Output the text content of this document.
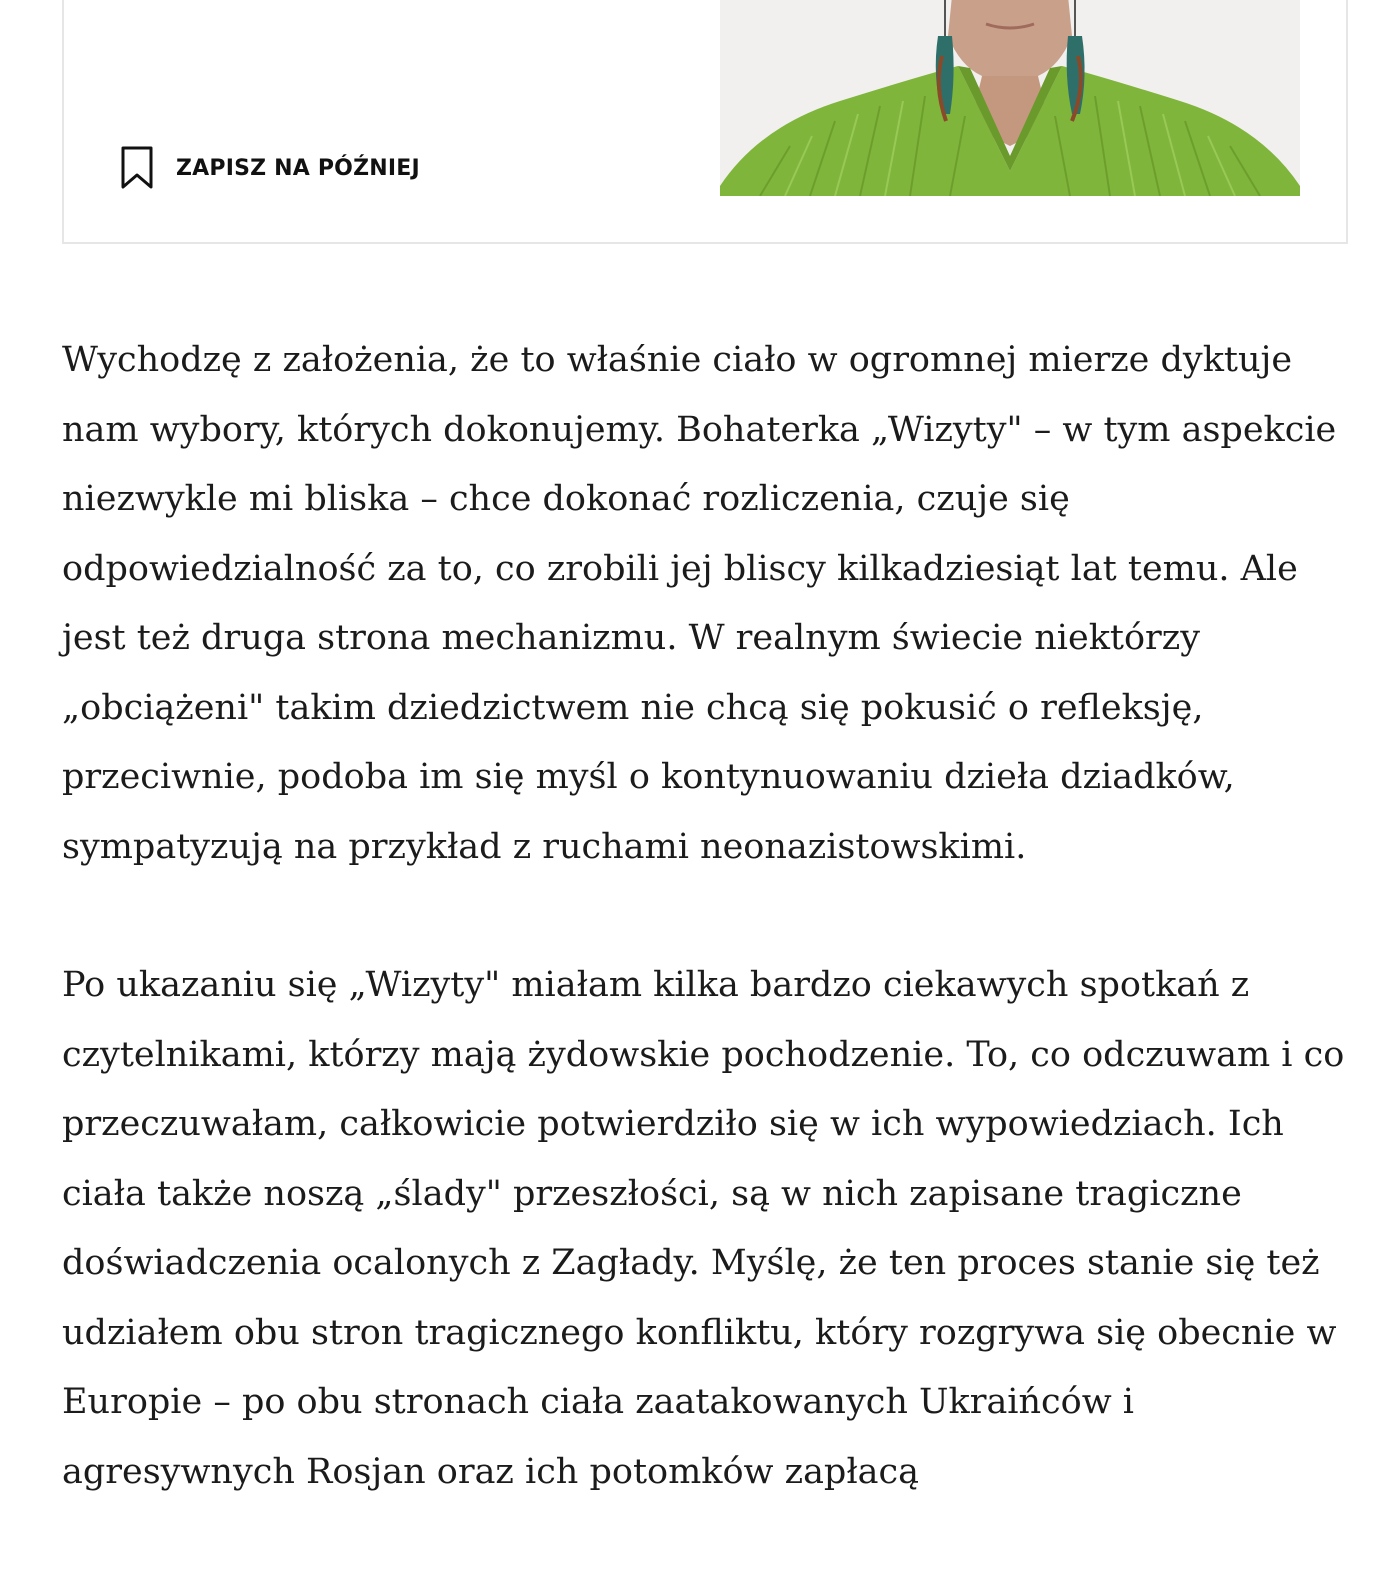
ZAPISZ NA PÓŹNIEJ

Wychodzę z założenia, że to właśnie ciało w ogromnej mierze dyktuje nam wybory, których dokonujemy. Bohaterka „Wizyty" – w tym aspekcie niezwykle mi bliska – chce dokonać rozliczenia, czuje się odpowiedzialność za to, co zrobili jej bliscy kilkadziesiąt lat temu. Ale jest też druga strona mechanizmu. W realnym świecie niektórzy „obciążeni" takim dziedzictwem nie chcą się pokusić o refleksję, przeciwnie, podoba im się myśl o kontynuowaniu dzieła dziadków, sympatyzują na przykład z ruchami neonazistowskimi.

Po ukazaniu się „Wizyty" miałam kilka bardzo ciekawych spotkań z czytelnikami, którzy mają żydowskie pochodzenie. To, co odczuwam i co przeczuwałam, całkowicie potwierdziło się w ich wypowiedziach. Ich ciała także noszą „ślady" przeszłości, są w nich zapisane tragiczne doświadczenia ocalonych z Zagłady. Myślę, że ten proces stanie się też udziałem obu stron tragicznego konfliktu, który rozgrywa się obecnie w Europie – po obu stronach ciała zaatakowanych Ukraińców i agresywnych Rosjan oraz ich potomków zapłacą
